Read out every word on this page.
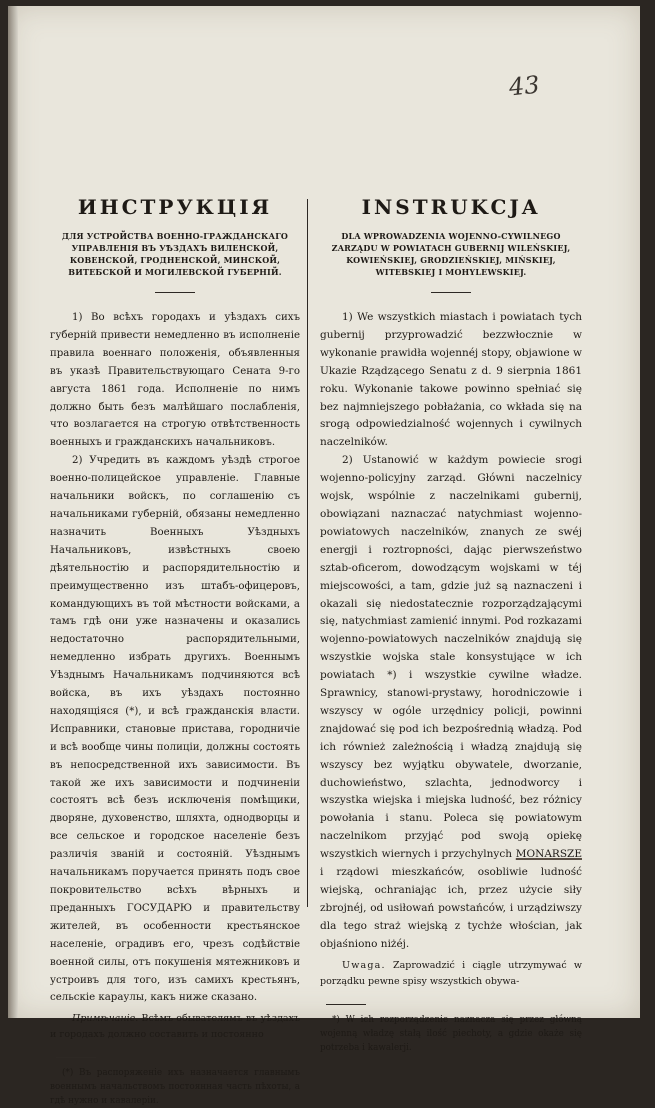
43
ИНСТРУКЦІЯ

ДЛЯ УСТРОЙСТВА ВОЕННО-ГРАЖДАНСКАГО УПРАВЛЕНІЯ ВЪ УѢЗДАХЪ ВИЛЕНСКОЙ, КОВЕНСКОЙ, ГРОДНЕНСКОЙ, МИНСКОЙ, ВИТЕБСКОЙ И МОГИЛЕВСКОЙ ГУБЕРНІЙ.

1) Во всѣхъ городахъ и уѣздахъ сихъ губерній привести немедленно въ исполненіе правила военнаго положенія, объявленныя въ указѣ Правительствующаго Сената 9-го августа 1861 года. Исполненіе по нимъ должно быть безъ малѣйшаго послабленія, что возлагается на строгую отвѣтственность военныхъ и гражданскихъ начальниковъ.

2) Учредить въ каждомъ уѣздѣ строгое военно-полицейское управленіе. Главные начальники войскъ, по соглашенію съ начальниками губерній, обязаны немедленно назначить Военныхъ Уѣздныхъ Начальниковъ, извѣстныхъ своею дѣятельностію и распорядительностію и преимущественно изъ штабъ-офицеровъ, командующихъ въ той мѣстности войсками, а тамъ гдѣ они уже назначены и оказались недостаточно распорядительными, немедленно избрать другихъ. Военнымъ Уѣзднымъ Начальникамъ подчиняются всѣ войска, въ ихъ уѣздахъ постоянно находящіяся (*), и всѣ гражданскія власти. Исправники, становые пристава, городничіе и всѣ вообще чины полиціи, должны состоять въ непосредственной ихъ зависимости. Въ такой же ихъ зависимости и подчиненіи состоятъ всѣ безъ исключенія помѣщики, дворяне, духовенство, шляхта, однодворцы и все сельское и городское населеніе безъ различія званій и состояній. Уѣзднымъ начальникамъ поручается принять подъ свое покровительство всѣхъ вѣрныхъ и преданныхъ ГОСУДАРЮ и правительству жителей, въ особенности крестьянское населеніе, оградивъ его, чрезъ содѣйствіе военной силы, отъ покушенія мятежниковъ и устроивъ для того, изъ самихъ крестьянъ, сельскіе караулы, какъ ниже сказано.

Примѣчаніе. Всѣмъ обывателямъ въ уѣздахъ и городахъ должно составить и постоянно

(*) Въ распоряженіе ихъ назначается главнымъ военнымъ начальствомъ постоянная часть пѣхоты, а гдѣ нужно и кавалеріи.

INSTRUKCJA

DLA WPROWADZENIA WOJENNO-CYWILNEGO ZARZĄDU W POWIATACH GUBERNIJ WILEŃSKIEJ, KOWIEŃSKIEJ, GRODZIEŃSKIEJ, MIŃSKIEJ, WITEBSKIEJ I MOHYLEWSKIEJ.

1) We wszystkich miastach i powiatach tych gubernij przyprowadzić bezzwłocznie w wykonanie prawidła wojennéj stopy, objawione w Ukazie Rządzącego Senatu z d. 9 sierpnia 1861 roku. Wykonanie takowe powinno spełniać się bez najmniejszego pobłażania, co wkłada się na srogą odpowiedzialność wojennych i cywilnych naczelników.

2) Ustanowić w każdym powiecie srogi wojenno-policyjny zarząd. Główni naczelnicy wojsk, wspólnie z naczelnikami gubernij, obowiązani naznaczać natychmiast wojenno-powiatowych naczelników, znanych ze swéj energji i roztropności, dając pierwszeństwo sztab-oficerom, dowodzącym wojskami w téj miejscowości, a tam, gdzie już są naznaczeni i okazali się niedostatecznie rozporządzającymi się, natychmiast zamienić innymi. Pod rozkazami wojenno-powiatowych naczelników znajdują się wszystkie wojska stale konsystujące w ich powiatach *) i wszystkie cywilne władze. Sprawnicy, stanowi-prystawy, horodniczowie i wszyscy w ogóle urzędnicy policji, powinni znajdować się pod ich bezpośrednią władzą. Pod ich również zależnością i władzą znajdują się wszyscy bez wyjątku obywatele, dworzanie, duchowieństwo, szlachta, jednodworcy i wszystka wiejska i miejska ludność, bez różnicy powołania i stanu. Poleca się powiatowym naczelnikom przyjąć pod swoją opiekę wszystkich wiernych i przychylnych MONARSZE i rządowi mieszkańców, osobliwie ludność wiejską, ochraniając ich, przez użycie siły zbrojnéj, od usiłowań powstańców, i urządziwszy dla tego straż wiejską z tychże włościan, jak objaśniono niżéj.

Uwaga. Zaprowadzić i ciągle utrzymywać w porządku pewne spisy wszystkich obywa-

*) W ich rozporządzenie naznacza się przez główną wojenną władzę stałą ilość piechoty, a gdzie okaże się potrzeba i kawalerji.
